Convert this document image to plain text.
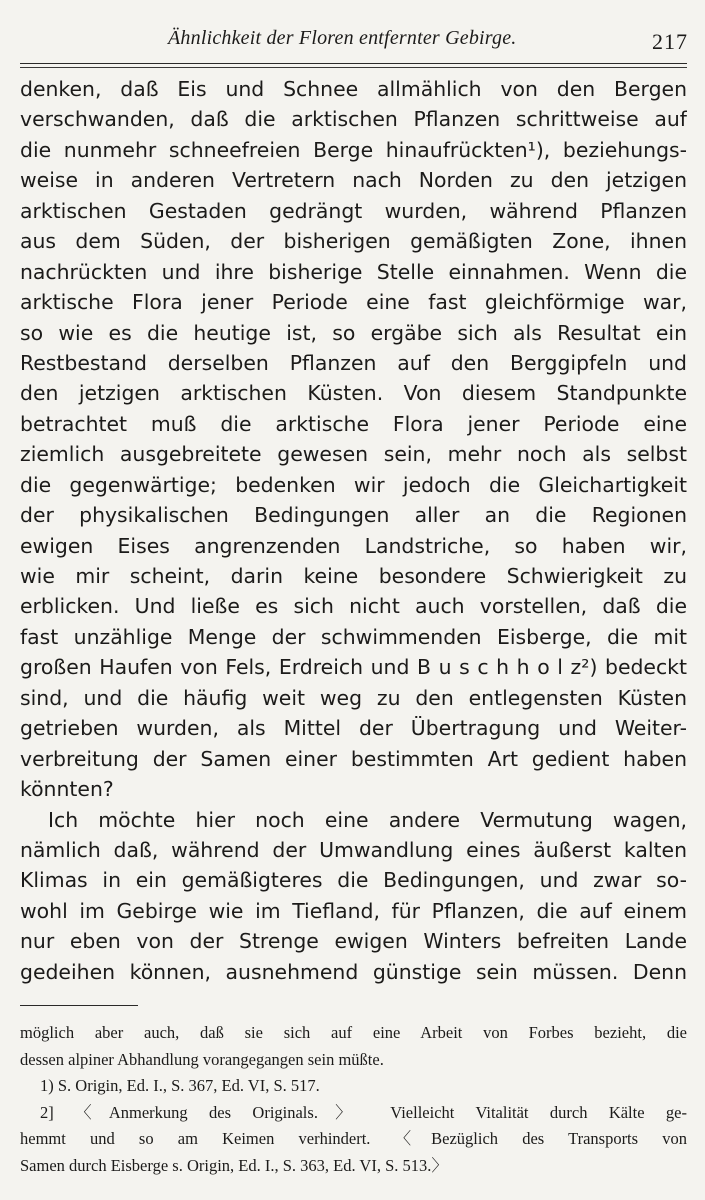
Ähnlichkeit der Floren entfernter Gebirge.	217
denken, daß Eis und Schnee allmählich von den Bergen
verschwanden, daß die arktischen Pflanzen schrittweise auf
die nunmehr schneefreien Berge hinaufrückten¹), beziehungs-
weise in anderen Vertretern nach Norden zu den jetzigen
arktischen Gestaden gedrängt wurden, während Pflanzen
aus dem Süden, der bisherigen gemäßigten Zone, ihnen
nachrückten und ihre bisherige Stelle einnahmen. Wenn die
arktische Flora jener Periode eine fast gleichförmige war,
so wie es die heutige ist, so ergäbe sich als Resultat ein
Restbestand derselben Pflanzen auf den Berggipfeln und
den jetzigen arktischen Küsten. Von diesem Standpunkte
betrachtet muß die arktische Flora jener Periode eine
ziemlich ausgebreitete gewesen sein, mehr noch als selbst
die gegenwärtige; bedenken wir jedoch die Gleichartigkeit
der physikalischen Bedingungen aller an die Regionen
ewigen Eises angrenzenden Landstriche, so haben wir,
wie mir scheint, darin keine besondere Schwierigkeit zu
erblicken. Und ließe es sich nicht auch vorstellen, daß die
fast unzählige Menge der schwimmenden Eisberge, die mit
großen Haufen von Fels, Erdreich und B u s c h h o l z²) bedeckt
sind, und die häufig weit weg zu den entlegensten Küsten
getrieben wurden, als Mittel der Übertragung und Weiter-
verbreitung der Samen einer bestimmten Art gedient haben
könnten?
Ich möchte hier noch eine andere Vermutung wagen,
nämlich daß, während der Umwandlung eines äußerst kalten
Klimas in ein gemäßigteres die Bedingungen, und zwar so-
wohl im Gebirge wie im Tiefland, für Pflanzen, die auf einem
nur eben von der Strenge ewigen Winters befreiten Lande
gedeihen können, ausnehmend günstige sein müssen. Denn
möglich aber auch, daß sie sich auf eine Arbeit von Forbes bezieht, die
dessen alpiner Abhandlung vorangegangen sein müßte.
1) S. Origin, Ed. I., S. 367, Ed. VI, S. 517.
2] 〈Anmerkung des Originals.〉 Vielleicht Vitalität durch Kälte ge-
hemmt und so am Keimen verhindert. 〈Bezüglich des Transports von
Samen durch Eisberge s. Origin, Ed. I., S. 363, Ed. VI, S. 513.〉
